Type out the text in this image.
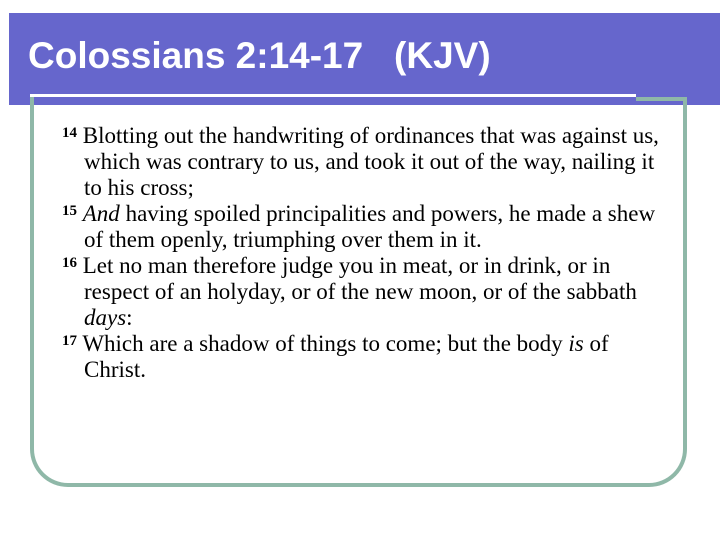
Colossians 2:14-17   (KJV)

$^{14}$ Blotting out the handwriting of ordinances that was against us, which was contrary to us, and took it out of the way, nailing it to his cross;

$^{15}$ And having spoiled principalities and powers, he made a shew of them openly, triumphing over them in it.

$^{16}$ Let no man therefore judge you in meat, or in drink, or in respect of an holyday, or of the new moon, or of the sabbath days:

$^{17}$ Which are a shadow of things to come; but the body is of Christ.
